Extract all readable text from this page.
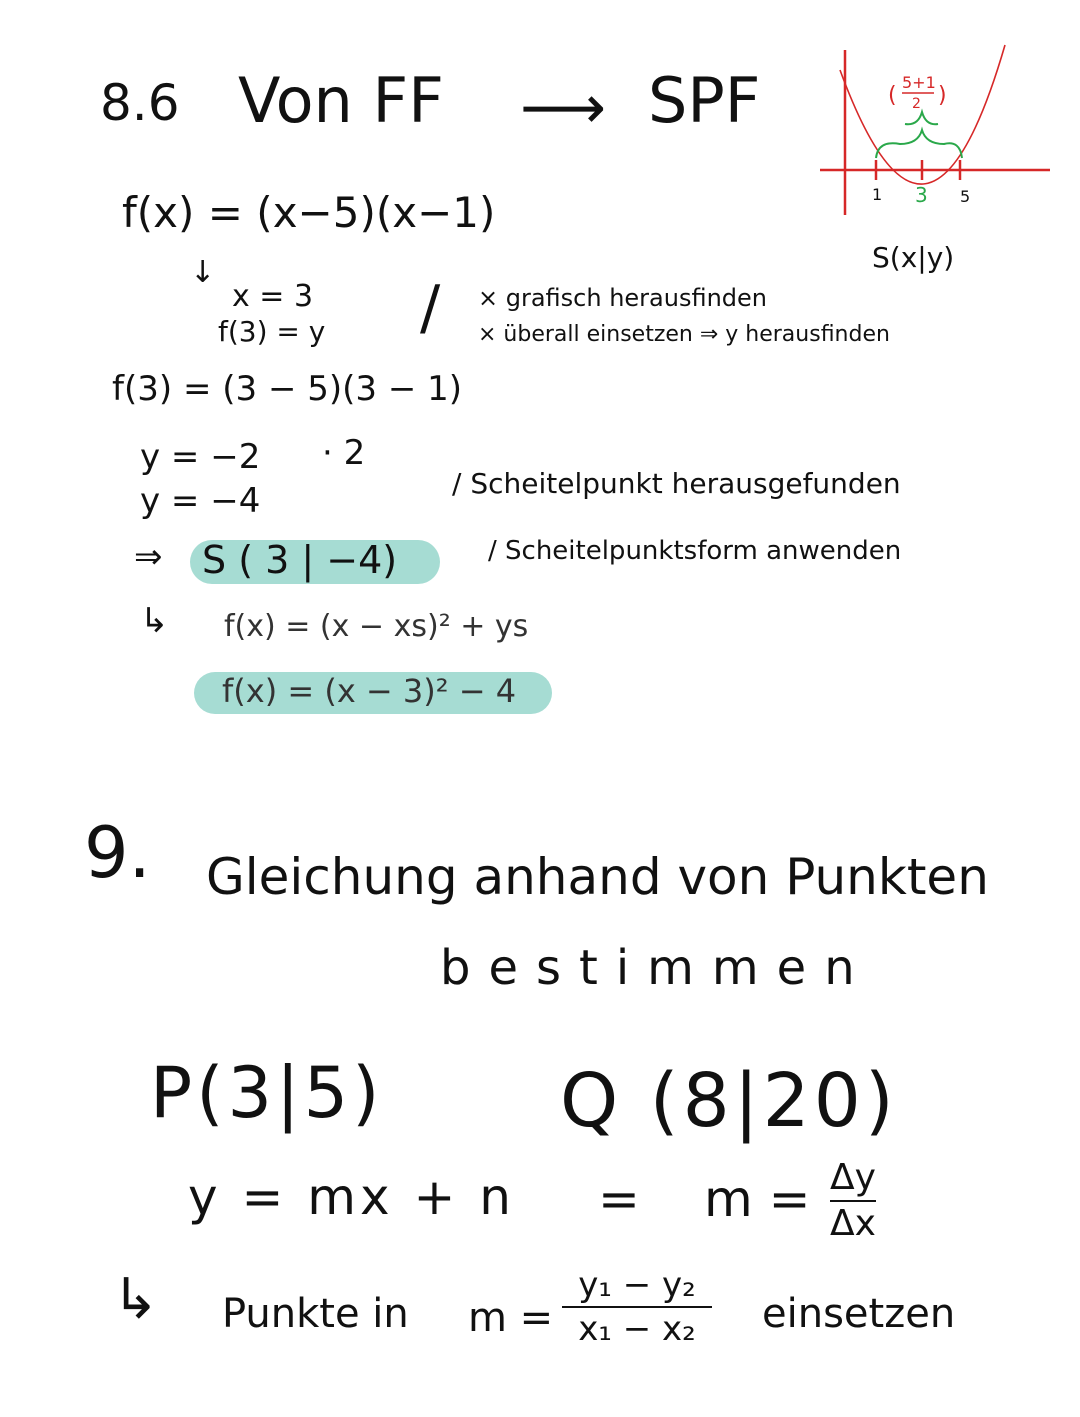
8.6 Von FF ⟶ SPF
1 3 5
(
5+1
2 )
S(x|y)
f(x) = (x−5)(x−1)
↓
x = 3
f(3) = y / × grafisch herausfinden
× überall einsetzen ⇒ y herausfinden
f(3) = (3 − 5)(3 − 1)
y = −2 · 2
y = −4	/ Scheitelpunkt herausgefunden
/ Scheitelpunktsform anwenden
⇒ S ( 3 | −4)
↳ f(x) = (x − xs)² + ys
f(x) = (x − 3)² − 4
9. Gleichung anhand von Punkten
bestimmen
P(3|5) Q (8|20)
y = mx + $n = m = \frac{\Delta y}{\Delta x}$
↳ Punkte in $m = \frac{\text{y₁ − y₂}}{\text{x₁ − x₂}}$ einsetzen
